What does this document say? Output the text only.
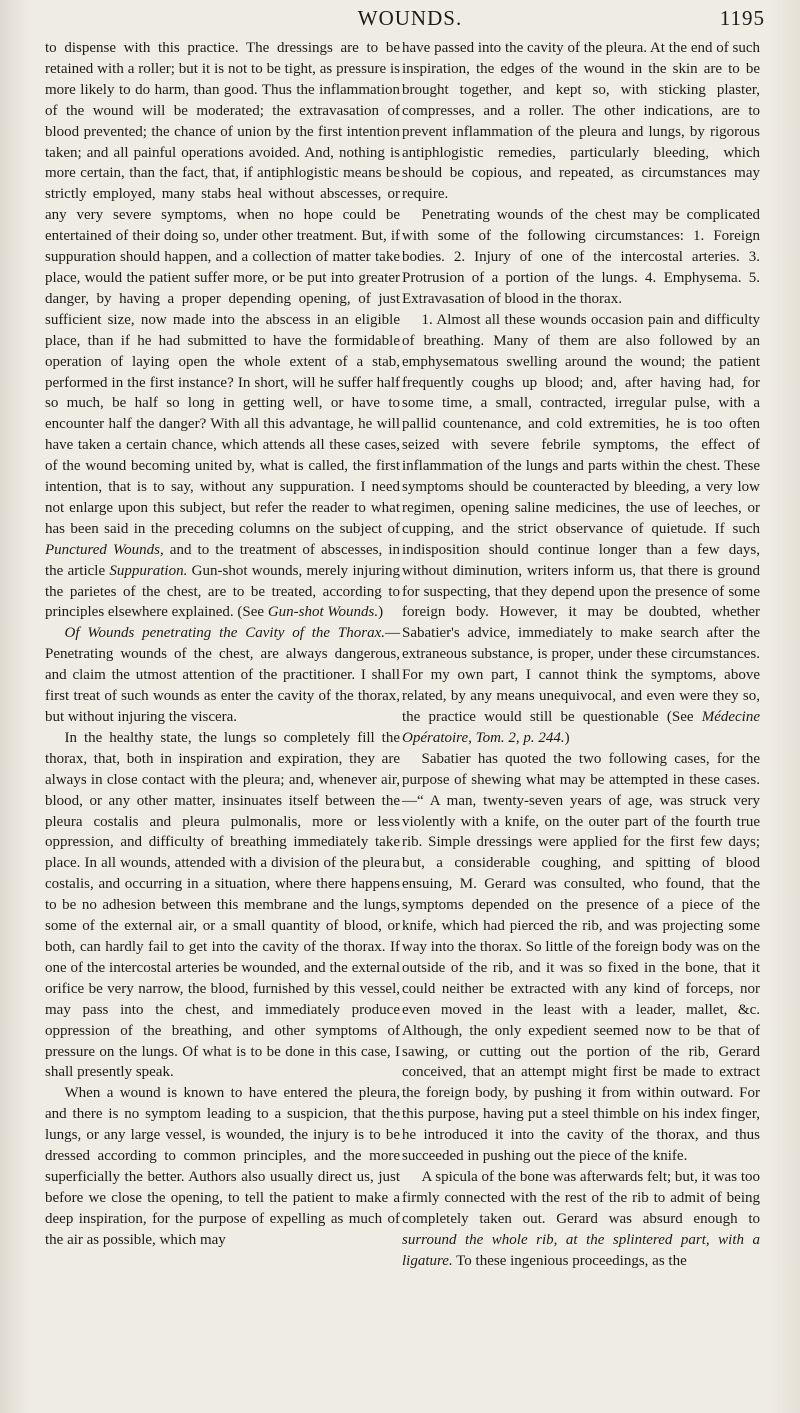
WOUNDS.	1195

to dispense with this practice. The dressings are to be retained with a roller; but it is not to be tight, as pressure is more likely to do harm, than good. Thus the inflammation of the wound will be moderated; the extravasation of blood prevented; the chance of union by the first intention taken; and all painful operations avoided. And, nothing is more certain, than the fact, that, if antiphlogistic means be strictly employed, many stabs heal without abscesses, or any very severe symptoms, when no hope could be entertained of their doing so, under other treatment. But, if suppuration should happen, and a collection of matter take place, would the patient suffer more, or be put into greater danger, by having a proper depending opening, of just sufficient size, now made into the abscess in an eligible place, than if he had submitted to have the formidable operation of laying open the whole extent of a stab, performed in the first instance? In short, will he suffer half so much, be half so long in getting well, or have to encounter half the danger? With all this advantage, he will have taken a certain chance, which attends all these cases, of the wound becoming united by, what is called, the first intention, that is to say, without any suppuration. I need not enlarge upon this subject, but refer the reader to what has been said in the preceding columns on the subject of Punctured Wounds, and to the treatment of abscesses, in the article Suppuration. Gun-shot wounds, merely injuring the parietes of the chest, are to be treated, according to principles elsewhere explained. (See Gun-shot Wounds.)

Of Wounds penetrating the Cavity of the Thorax.—Penetrating wounds of the chest, are always dangerous, and claim the utmost attention of the practitioner. I shall first treat of such wounds as enter the cavity of the thorax, but without injuring the viscera.

In the healthy state, the lungs so completely fill the thorax, that, both in inspiration and expiration, they are always in close contact with the pleura; and, whenever air, blood, or any other matter, insinuates itself between the pleura costalis and pleura pulmonalis, more or less oppression, and difficulty of breathing immediately take place. In all wounds, attended with a division of the pleura costalis, and occurring in a situation, where there happens to be no adhesion between this membrane and the lungs, some of the external air, or a small quantity of blood, or both, can hardly fail to get into the cavity of the thorax. If one of the intercostal arteries be wounded, and the external orifice be very narrow, the blood, furnished by this vessel, may pass into the chest, and immediately produce oppression of the breathing, and other symptoms of pressure on the lungs. Of what is to be done in this case, I shall presently speak.

When a wound is known to have entered the pleura, and there is no symptom leading to a suspicion, that the lungs, or any large vessel, is wounded, the injury is to be dressed according to common principles, and the more superficially the better. Authors also usually direct us, just before we close the opening, to tell the patient to make a deep inspiration, for the purpose of expelling as much of the air as possible, which may

have passed into the cavity of the pleura. At the end of such inspiration, the edges of the wound in the skin are to be brought together, and kept so, with sticking plaster, compresses, and a roller. The other indications, are to prevent inflammation of the pleura and lungs, by rigorous antiphlogistic remedies, particularly bleeding, which should be copious, and repeated, as circumstances may require.

Penetrating wounds of the chest may be complicated with some of the following circumstances: 1. Foreign bodies. 2. Injury of one of the intercostal arteries. 3. Protrusion of a portion of the lungs. 4. Emphysema. 5. Extravasation of blood in the thorax.

1. Almost all these wounds occasion pain and difficulty of breathing. Many of them are also followed by an emphysematous swelling around the wound; the patient frequently coughs up blood; and, after having had, for some time, a small, contracted, irregular pulse, with a pallid countenance, and cold extremities, he is too often seized with severe febrile symptoms, the effect of inflammation of the lungs and parts within the chest. These symptoms should be counteracted by bleeding, a very low regimen, opening saline medicines, the use of leeches, or cupping, and the strict observance of quietude. If such indisposition should continue longer than a few days, without diminution, writers inform us, that there is ground for suspecting, that they depend upon the presence of some foreign body. However, it may be doubted, whether Sabatier's advice, immediately to make search after the extraneous substance, is proper, under these circumstances. For my own part, I cannot think the symptoms, above related, by any means unequivocal, and even were they so, the practice would still be questionable (See Médecine Opératoire, Tom. 2, p. 244.)

Sabatier has quoted the two following cases, for the purpose of shewing what may be attempted in these cases.—“ A man, twenty-seven years of age, was struck very violently with a knife, on the outer part of the fourth true rib. Simple dressings were applied for the first few days; but, a considerable coughing, and spitting of blood ensuing, M. Gerard was consulted, who found, that the symptoms depended on the presence of a piece of the knife, which had pierced the rib, and was projecting some way into the thorax. So little of the foreign body was on the outside of the rib, and it was so fixed in the bone, that it could neither be extracted with any kind of forceps, nor even moved in the least with a leader, mallet, &c. Although, the only expedient seemed now to be that of sawing, or cutting out the portion of the rib, Gerard conceived, that an attempt might first be made to extract the foreign body, by pushing it from within outward. For this purpose, having put a steel thimble on his index finger, he introduced it into the cavity of the thorax, and thus succeeded in pushing out the piece of the knife.

A spicula of the bone was afterwards felt; but, it was too firmly connected with the rest of the rib to admit of being completely taken out. Gerard was absurd enough to surround the whole rib, at the splintered part, with a ligature. To these ingenious proceedings, as the
